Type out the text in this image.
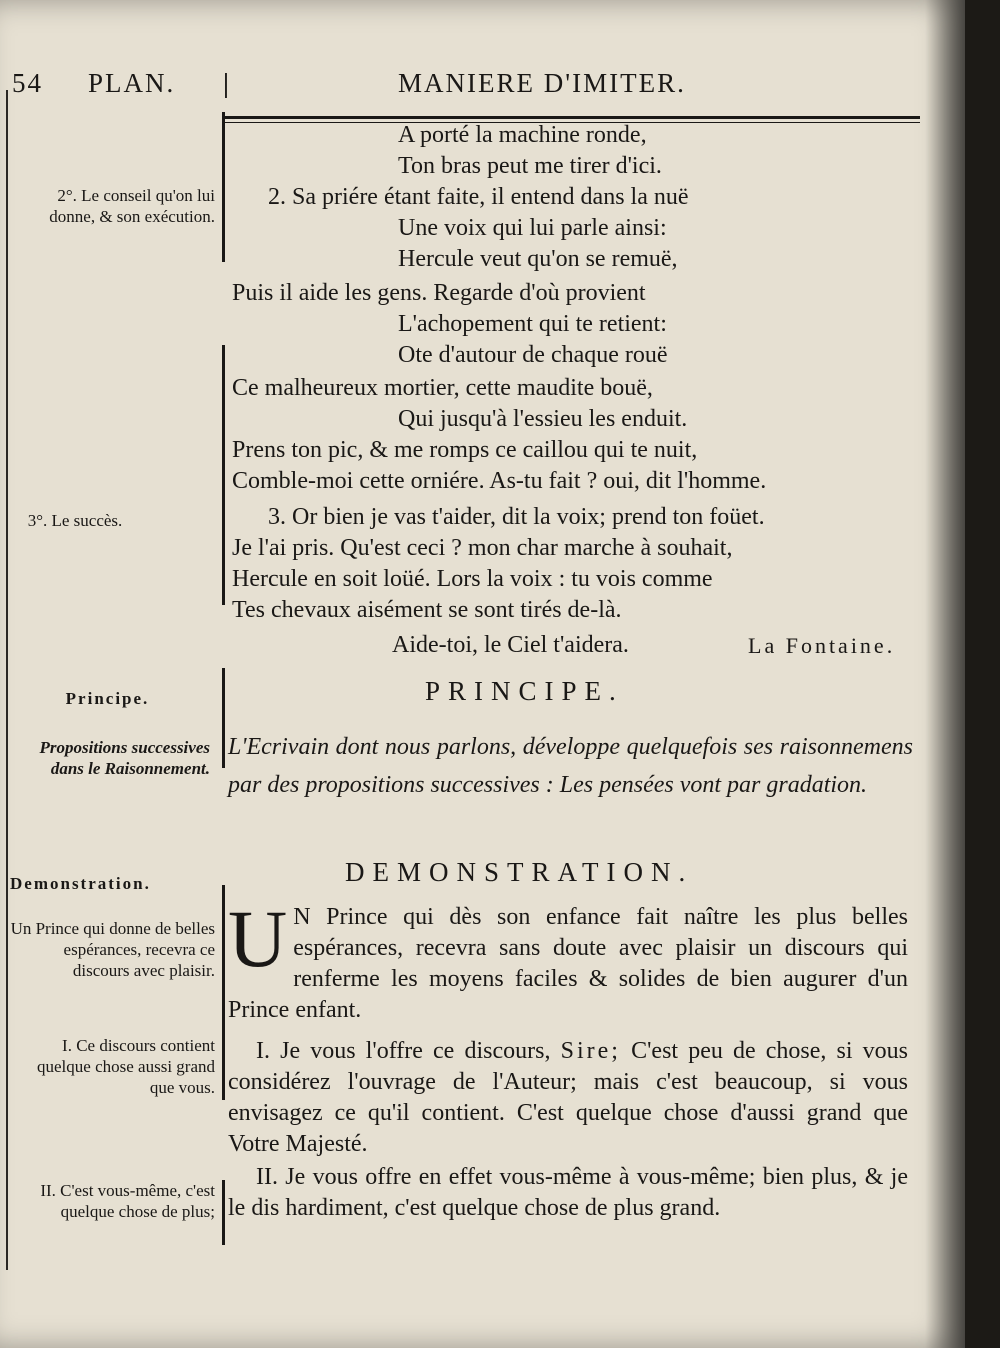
54 PLAN. |	MANIERE D'IMITER.
2°. Le conseil qu'on lui donne, & son exécution.
3°. Le succès.
Principe.
Propositions successives dans le Raisonnement.
Demonstration.
Un Prince qui donne de belles espérances, recevra ce discours avec plaisir.
I. Ce discours contient quelque chose aussi grand que vous.
II. C'est vous-même, c'est quelque chose de plus;
A porté la machine ronde,
Ton bras peut me tirer d'ici.
2. Sa priére étant faite, il entend dans la nuë
Une voix qui lui parle ainsi:
Hercule veut qu'on se remuë,
Puis il aide les gens. Regarde d'où provient
L'achopement qui te retient:
Ote d'autour de chaque rouë
Ce malheureux mortier, cette maudite bouë,
Qui jusqu'à l'essieu les enduit.
Prens ton pic, & me romps ce caillou qui te nuit,
Comble-moi cette orniére. As-tu fait ? oui, dit l'homme.
3. Or bien je vas t'aider, dit la voix; prend ton foüet.
Je l'ai pris. Qu'est ceci ? mon char marche à souhait,
Hercule en soit loüé. Lors la voix : tu vois comme
Tes chevaux aisément se sont tirés de-là.
Aide-toi, le Ciel t'aidera.	La Fontaine.
PRINCIPE.
L'Ecrivain dont nous parlons, développe quelquefois ses raisonnemens par des propositions successives : Les pensées vont par gradation.
DEMONSTRATION.
U N Prince qui dès son enfance fait naître les plus belles espérances, recevra sans doute avec plaisir un discours qui renferme les moyens faciles & solides de bien augurer d'un Prince enfant.
I. Je vous l'offre ce discours, Sire; C'est peu de chose, si vous considérez l'ouvrage de l'Auteur; mais c'est beaucoup, si vous envisagez ce qu'il contient. C'est quelque chose d'aussi grand que Votre Majesté.
II. Je vous offre en effet vous-même à vous-même; bien plus, & je le dis hardiment, c'est quelque chose de plus grand.
